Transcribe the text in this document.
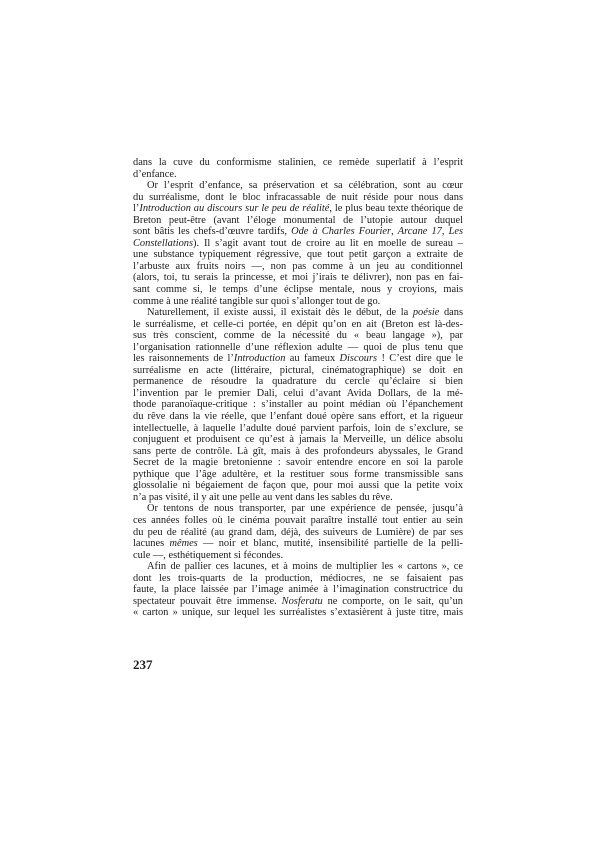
dans la cuve du conformisme stalinien, ce remède superlatif à l’esprit
d’enfance.
Or l’esprit d’enfance, sa préservation et sa célébration, sont au cœur
du surréalisme, dont le bloc infracassable de nuit réside pour nous dans
l’Introduction au discours sur le peu de réalité, le plus beau texte théorique de
Breton peut-être (avant l’éloge monumental de l’utopie autour duquel
sont bâtis les chefs-d’œuvre tardifs, Ode à Charles Fourier, Arcane 17, Les
Constellations). Il s’agit avant tout de croire au lit en moelle de sureau –
une substance typiquement régressive, que tout petit garçon a extraite de
l’arbuste aux fruits noirs —, non pas comme à un jeu au conditionnel
(alors, toi, tu serais la princesse, et moi j’irais te délivrer), non pas en fai-
sant comme si, le temps d’une éclipse mentale, nous y croyions, mais
comme à une réalité tangible sur quoi s’allonger tout de go.
Naturellement, il existe aussi, il existait dès le début, de la poésie dans
le surréalisme, et celle-ci portée, en dépit qu’on en ait (Breton est là-des-
sus très conscient, comme de la nécessité du « beau langage »), par
l’organisation rationnelle d’une réflexion adulte — quoi de plus tenu que
les raisonnements de l’Introduction au fameux Discours ! C’est dire que le
surréalisme en acte (littéraire, pictural, cinématographique) se doit en
permanence de résoudre la quadrature du cercle qu’éclaire si bien
l’invention par le premier Dali, celui d’avant Avida Dollars, de la mé-
thode paranoïaque-critique : s’installer au point médian où l’épanchement
du rêve dans la vie réelle, que l’enfant doué opère sans effort, et la rigueur
intellectuelle, à laquelle l’adulte doué parvient parfois, loin de s’exclure, se
conjuguent et produisent ce qu’est à jamais la Merveille, un délice absolu
sans perte de contrôle. Là gît, mais à des profondeurs abyssales, le Grand
Secret de la magie bretonienne : savoir entendre encore en soi la parole
pythique que l’âge adultère, et la restituer sous forme transmissible sans
glossolalie ni bégaiement de façon que, pour moi aussi que la petite voix
n’a pas visité, il y ait une pelle au vent dans les sables du rêve.
Or tentons de nous transporter, par une expérience de pensée, jusqu’à
ces années folles où le cinéma pouvait paraître installé tout entier au sein
du peu de réalité (au grand dam, déjà, des suiveurs de Lumière) de par ses
lacunes mêmes — noir et blanc, mutité, insensibilité partielle de la pelli-
cule —, esthétiquement si fécondes.
Afin de pallier ces lacunes, et à moins de multiplier les « cartons », ce
dont les trois-quarts de la production, médiocres, ne se faisaient pas
faute, la place laissée par l’image animée à l’imagination constructrice du
spectateur pouvait être immense. Nosferatu ne comporte, on le sait, qu’un
« carton » unique, sur lequel les surréalistes s’extasièrent à juste titre, mais
237
